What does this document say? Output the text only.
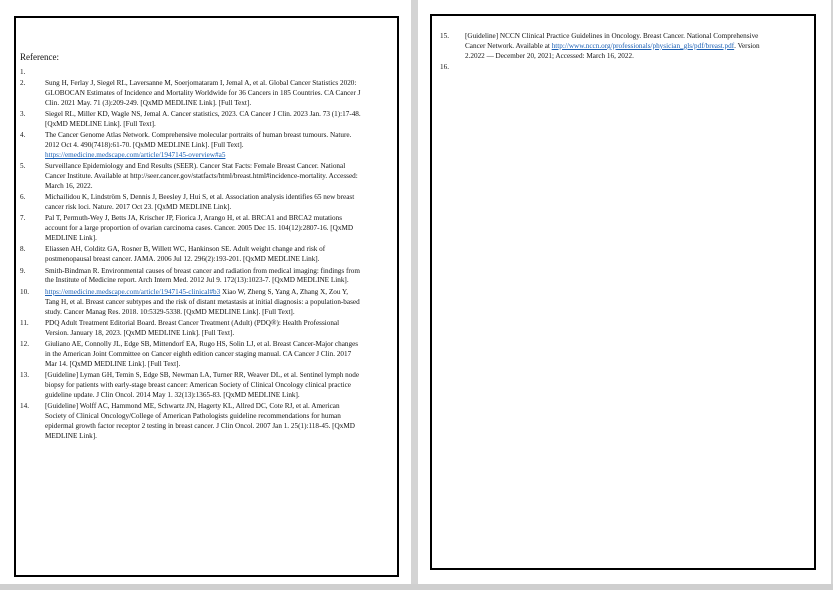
Reference:
1.
2.	Sung H, Ferlay J, Siegel RL, Laversanne M, Soerjomataram I, Jemal A, et al. Global Cancer Statistics 2020: GLOBOCAN Estimates of Incidence and Mortality Worldwide for 36 Cancers in 185 Countries. CA Cancer J Clin. 2021 May. 71 (3):209-249. [QxMD MEDLINE Link]. [Full Text].
3.	Siegel RL, Miller KD, Wagle NS, Jemal A. Cancer statistics, 2023. CA Cancer J Clin. 2023 Jan. 73 (1):17-48. [QxMD MEDLINE Link]. [Full Text].
4.	The Cancer Genome Atlas Network. Comprehensive molecular portraits of human breast tumours. Nature. 2012 Oct 4. 490(7418):61-70. [QxMD MEDLINE Link]. [Full Text]. https://emedicine.medscape.com/article/1947145-overview#a5
5.	Surveillance Epidemiology and End Results (SEER). Cancer Stat Facts: Female Breast Cancer. National Cancer Institute. Available at http://seer.cancer.gov/statfacts/html/breast.html#incidence-mortality. Accessed: March 16, 2022.
6.	Michailidou K, Lindström S, Dennis J, Beesley J, Hui S, et al. Association analysis identifies 65 new breast cancer risk loci. Nature. 2017 Oct 23. [QxMD MEDLINE Link].
7.	Pal T, Permuth-Wey J, Betts JA, Krischer JP, Fiorica J, Arango H, et al. BRCA1 and BRCA2 mutations account for a large proportion of ovarian carcinoma cases. Cancer. 2005 Dec 15. 104(12):2807-16. [QxMD MEDLINE Link].
8.	Eliassen AH, Colditz GA, Rosner B, Willett WC, Hankinson SE. Adult weight change and risk of postmenopausal breast cancer. JAMA. 2006 Jul 12. 296(2):193-201. [QxMD MEDLINE Link].
9.	Smith-Bindman R. Environmental causes of breast cancer and radiation from medical imaging: findings from the Institute of Medicine report. Arch Intern Med. 2012 Jul 9. 172(13):1023-7. [QxMD MEDLINE Link].
10. https://emedicine.medscape.com/article/1947145-clinical#b3 Xiao W, Zheng S, Yang A, Zhang X, Zou Y, Tang H, et al. Breast cancer subtypes and the risk of distant metastasis at initial diagnosis: a population-based study. Cancer Manag Res. 2018. 10:5329-5338. [QxMD MEDLINE Link]. [Full Text].
11. PDQ Adult Treatment Editorial Board. Breast Cancer Treatment (Adult) (PDQ®): Health Professional Version. January 18, 2023. [QxMD MEDLINE Link]. [Full Text].
12. Giuliano AE, Connolly JL, Edge SB, Mittendorf EA, Rugo HS, Solin LJ, et al. Breast Cancer-Major changes in the American Joint Committee on Cancer eighth edition cancer staging manual. CA Cancer J Clin. 2017 Mar 14. [QxMD MEDLINE Link]. [Full Text].
13. [Guideline] Lyman GH, Temin S, Edge SB, Newman LA, Turner RR, Weaver DL, et al. Sentinel lymph node biopsy for patients with early-stage breast cancer: American Society of Clinical Oncology clinical practice guideline update. J Clin Oncol. 2014 May 1. 32(13):1365-83. [QxMD MEDLINE Link].
14. [Guideline] Wolff AC, Hammond ME, Schwartz JN, Hagerty KL, Allred DC, Cote RJ, et al. American Society of Clinical Oncology/College of American Pathologists guideline recommendations for human epidermal growth factor receptor 2 testing in breast cancer. J Clin Oncol. 2007 Jan 1. 25(1):118-45. [QxMD MEDLINE Link].
15. [Guideline] NCCN Clinical Practice Guidelines in Oncology. Breast Cancer. National Comprehensive Cancer Network. Available at http://www.nccn.org/professionals/physician_gls/pdf/breast.pdf. Version 2.2022 — December 20, 2021; Accessed: March 16, 2022.
16.
